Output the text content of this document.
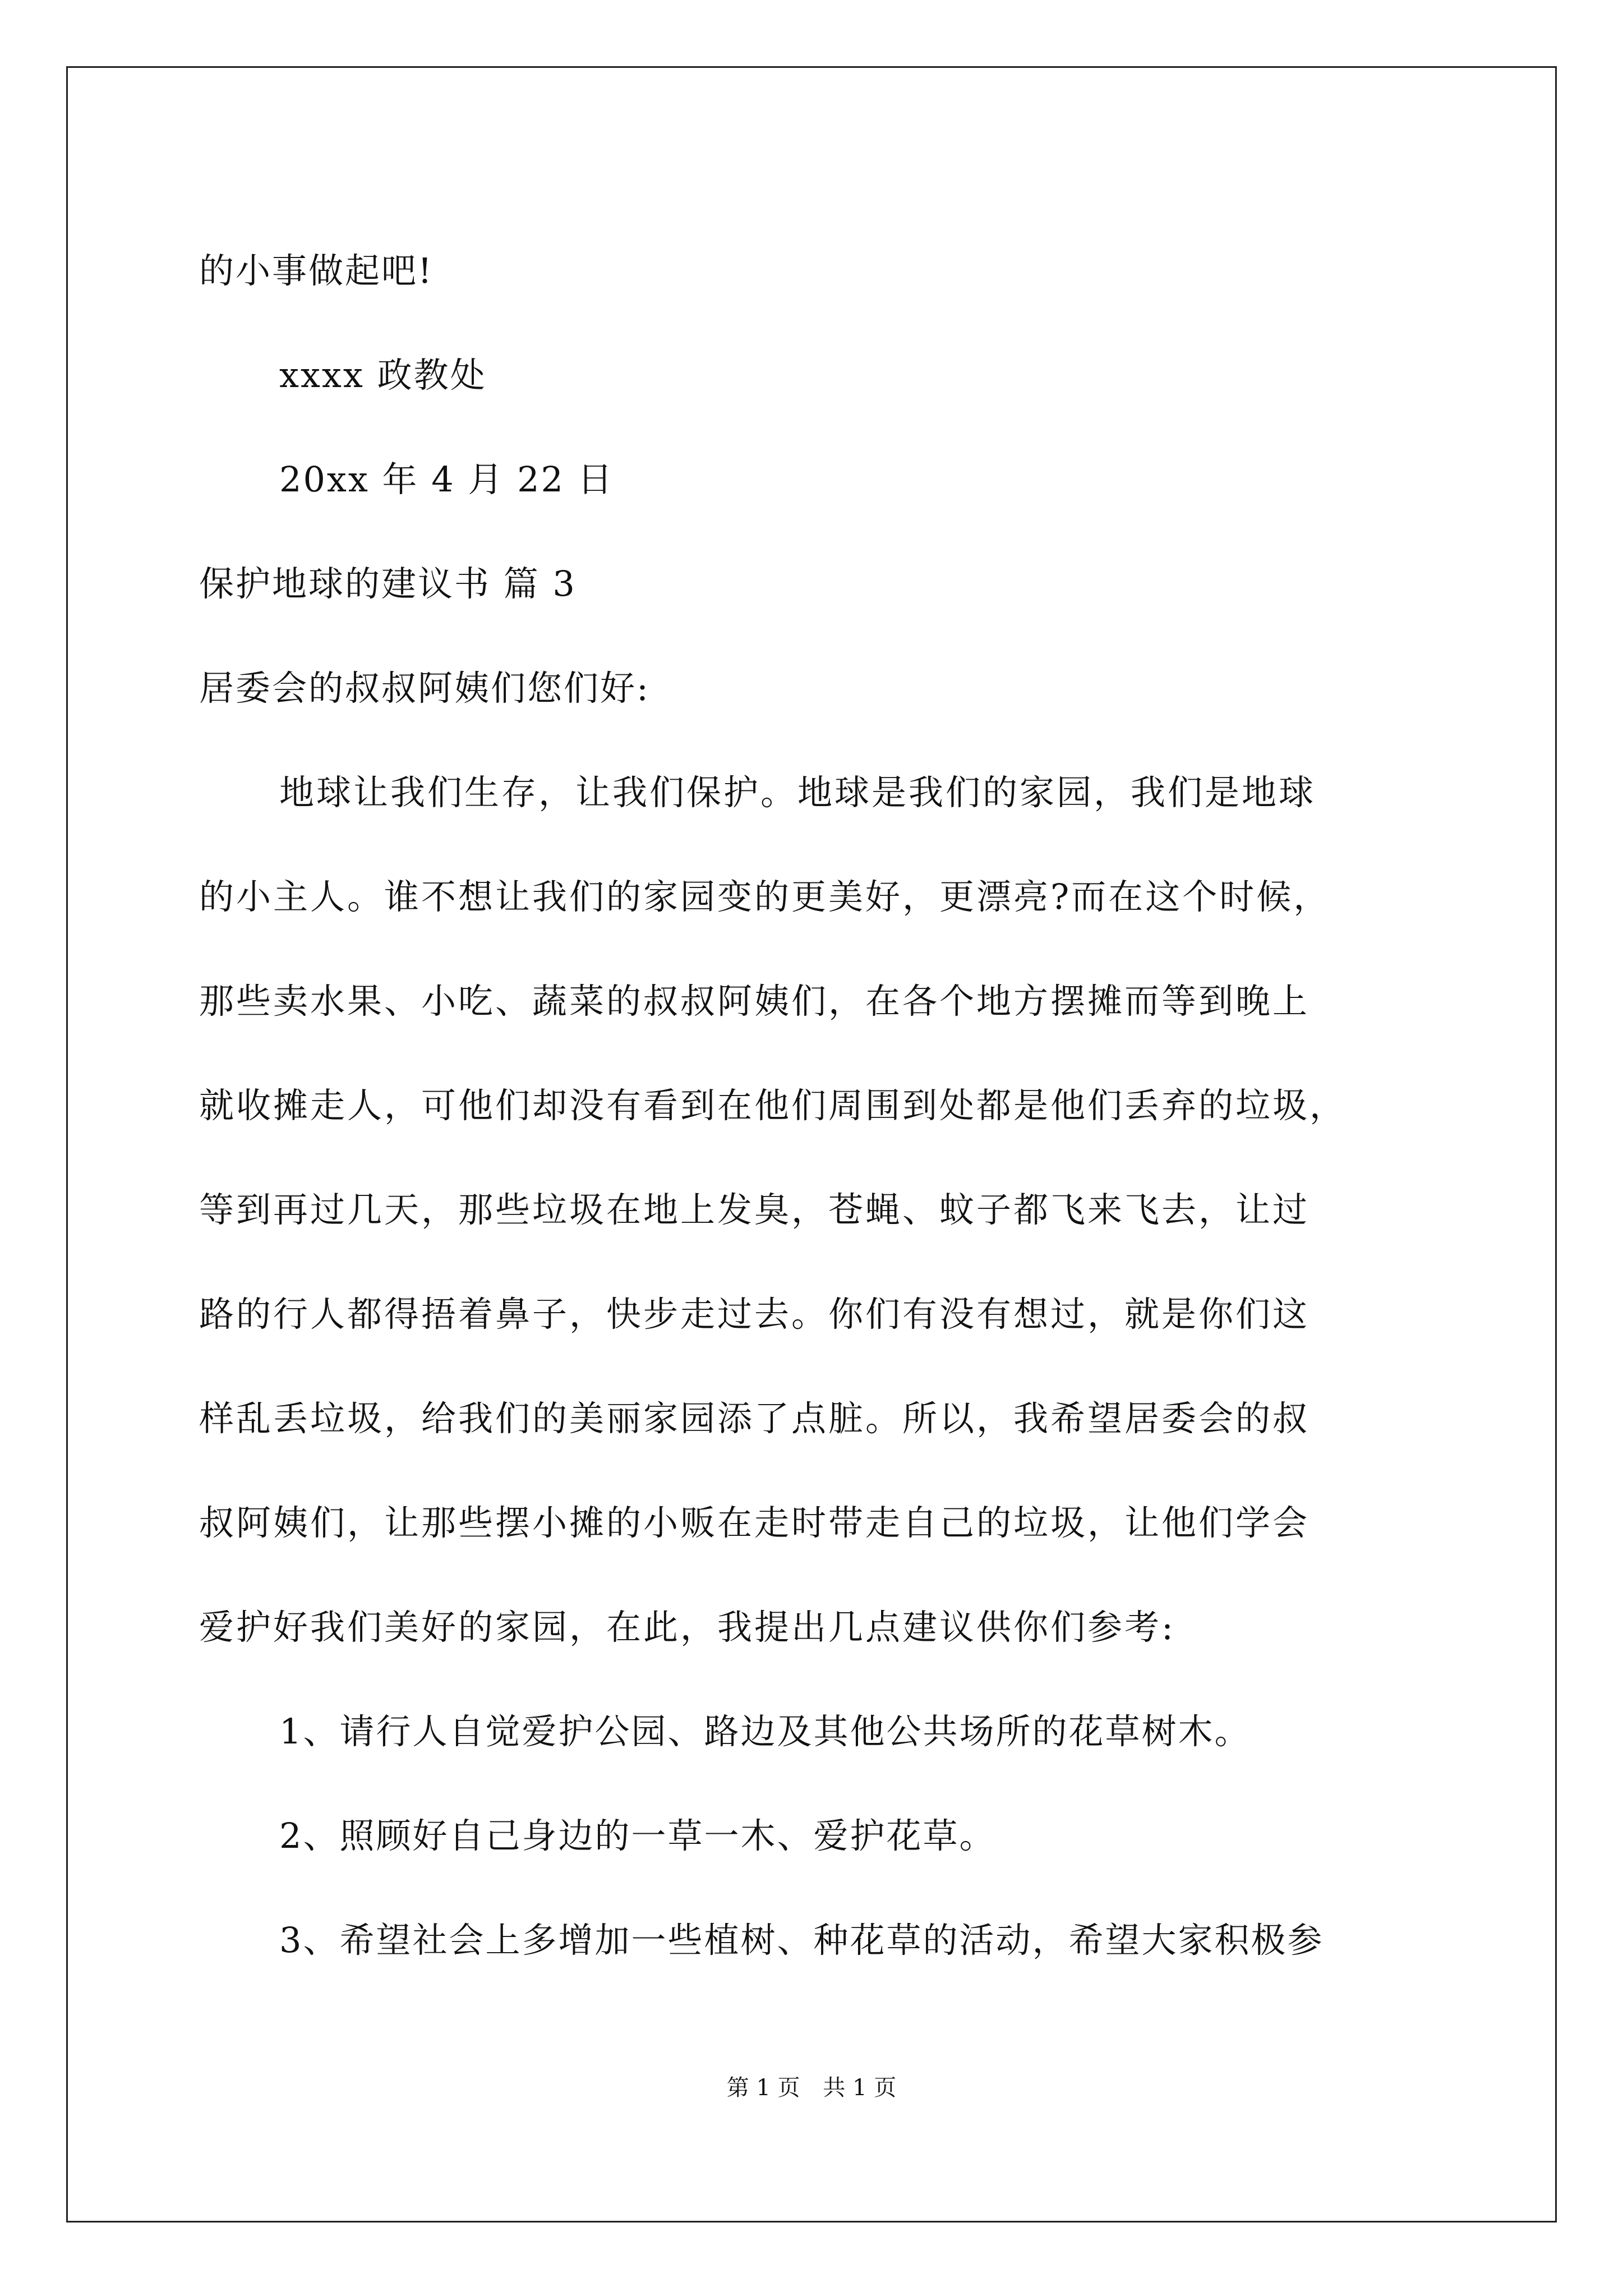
的小事做起吧!
xxxx 政教处
20xx 年 4 月 22 日
保护地球的建议书 篇 3
居委会的叔叔阿姨们您们好:
地球让我们生存，让我们保护。地球是我们的家园，我们是地球
的小主人。谁不想让我们的家园变的更美好，更漂亮?而在这个时候，
那些卖水果、小吃、蔬菜的叔叔阿姨们，在各个地方摆摊而等到晚上
就收摊走人，可他们却没有看到在他们周围到处都是他们丢弃的垃圾，
等到再过几天，那些垃圾在地上发臭，苍蝇、蚊子都飞来飞去，让过
路的行人都得捂着鼻子，快步走过去。你们有没有想过，就是你们这
样乱丢垃圾，给我们的美丽家园添了点脏。所以，我希望居委会的叔
叔阿姨们，让那些摆小摊的小贩在走时带走自己的垃圾，让他们学会
爱护好我们美好的家园，在此，我提出几点建议供你们参考:
1、请行人自觉爱护公园、路边及其他公共场所的花草树木。
2、照顾好自己身边的一草一木、爱护花草。
3、希望社会上多增加一些植树、种花草的活动，希望大家积极参
第 1 页 共 1 页
